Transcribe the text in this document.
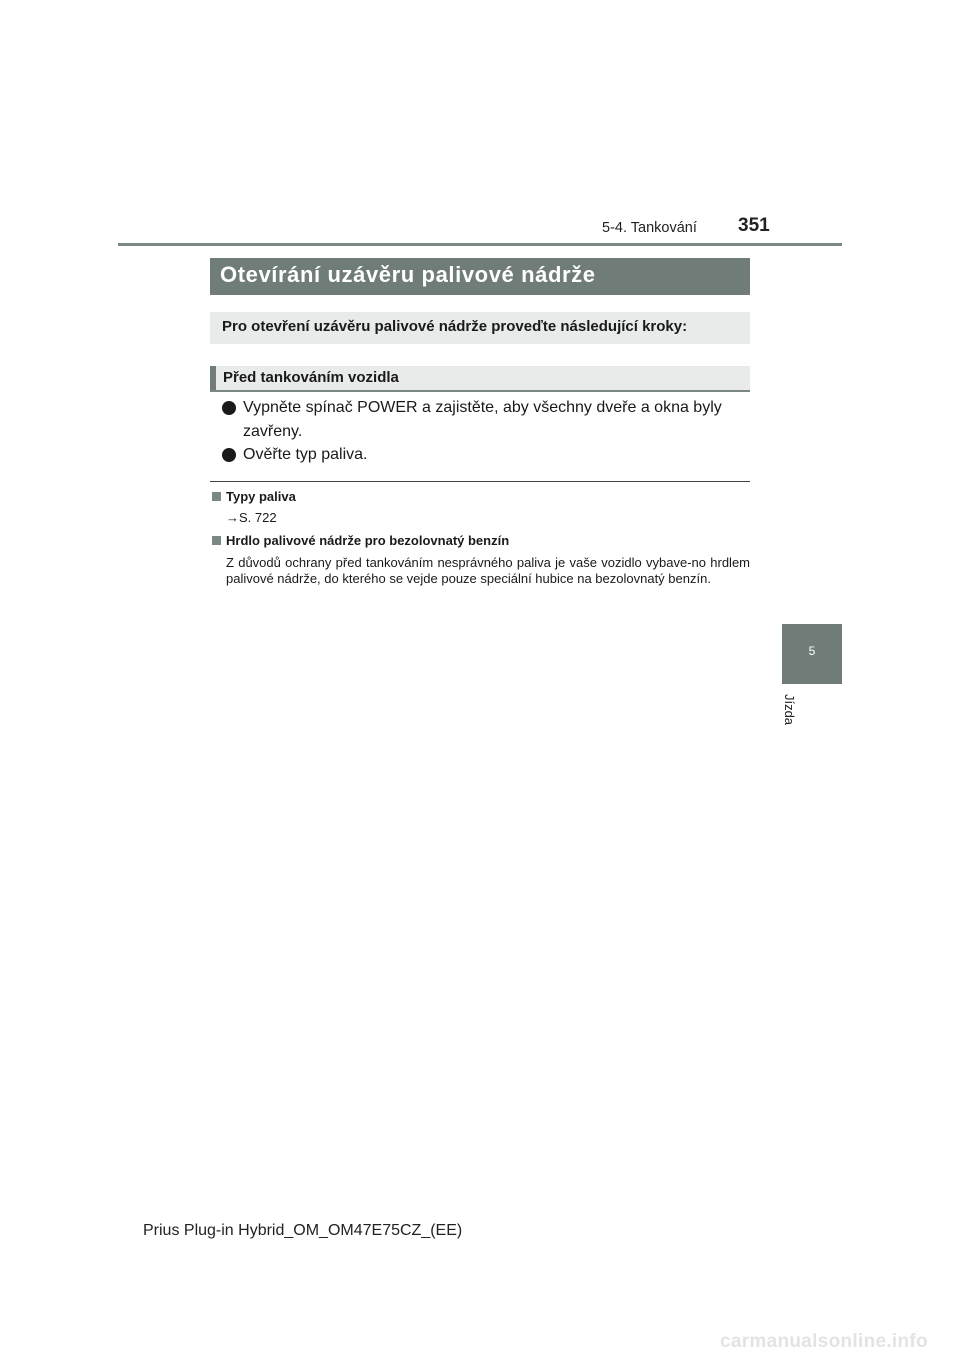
5-4. Tankování 351
Otevírání uzávěru palivové nádrže
Pro otevření uzávěru palivové nádrže proveďte následující kroky:
Před tankováním vozidla
Vypněte spínač POWER a zajistěte, aby všechny dveře a okna byly zavřeny.
Ověřte typ paliva.
Typy paliva
→S. 722
Hrdlo palivové nádrže pro bezolovnatý benzín
Z důvodů ochrany před tankováním nesprávného paliva je vaše vozidlo vybave-no hrdlem palivové nádrže, do kterého se vejde pouze speciální hubice na bezolovnatý benzín.
5
Jízda
Prius Plug-in Hybrid_OM_OM47E75CZ_(EE)
carmanualsonline.info
